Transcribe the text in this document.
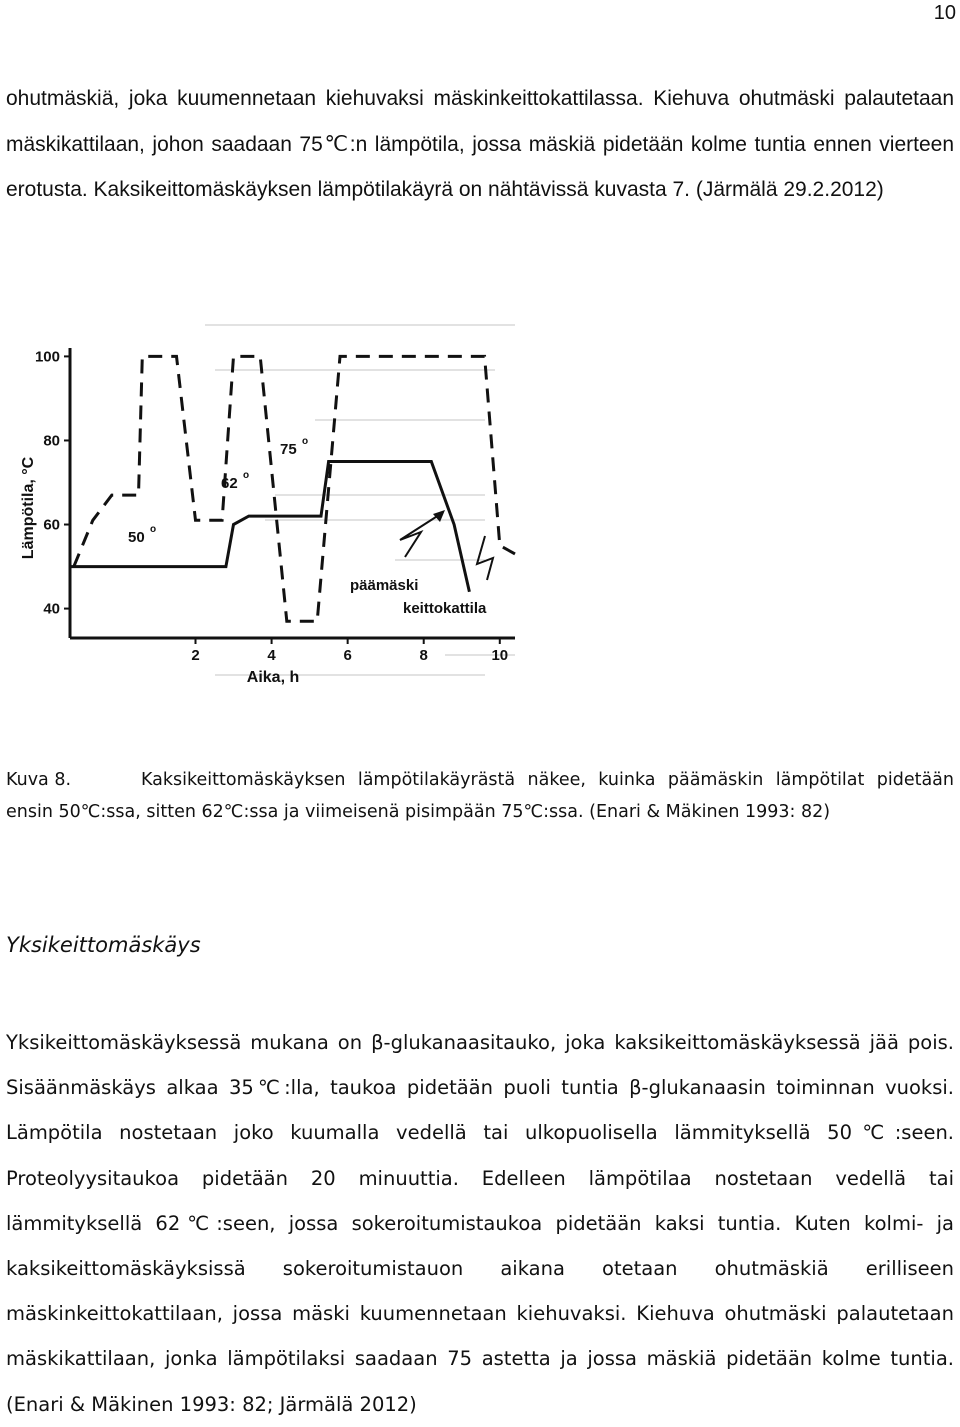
10

ohutmäskiä, joka kuumennetaan kiehuvaksi mäskinkeittokattilassa. Kiehuva ohutmäski palautetaan mäskikattilaan, johon saadaan 75℃:n lämpötila, jossa mäskiä pidetään kolme tuntia ennen vierteen erotusta. Kaksikeittomäskäyksen lämpötilakäyrä on nähtävissä kuvasta 7. (Järmälä 29.2.2012)

40
60
80
100
2	4	6	8	10
Lämpötila, °C
Aika, h
50 o
62 o
75 o
päämäski
keittokattila

Kuva 8.	Kaksikeittomäskäyksen lämpötilakäyrästä näkee, kuinka päämäskin lämpötilat pidetään ensin 50℃:ssa, sitten 62℃:ssa ja viimeisenä pisimpään 75℃:ssa. (Enari & Mäkinen 1993: 82)

Yksikeittomäskäys

Yksikeittomäskäyksessä mukana on β-glukanaasitauko, joka kaksikeittomäskäyksessä jää pois. Sisäänmäskäys alkaa 35℃:lla, taukoa pidetään puoli tuntia β-glukanaasin toiminnan vuoksi. Lämpötila nostetaan joko kuumalla vedellä tai ulkopuolisella lämmityksellä 50℃:seen. Proteolyysitaukoa pidetään 20 minuuttia. Edelleen lämpötilaa nostetaan vedellä tai lämmityksellä 62℃:seen, jossa sokeroitumistaukoa pidetään kaksi tuntia. Kuten kolmi- ja kaksikeittomäskäyksissä sokeroitumistauon aikana otetaan ohutmäskiä erilliseen mäskinkeittokattilaan, jossa mäski kuumennetaan kiehuvaksi. Kiehuva ohutmäski palautetaan mäskikattilaan, jonka lämpötilaksi saadaan 75 astetta ja jossa mäskiä pidetään kolme tuntia. (Enari & Mäkinen 1993: 82; Järmälä 2012)
